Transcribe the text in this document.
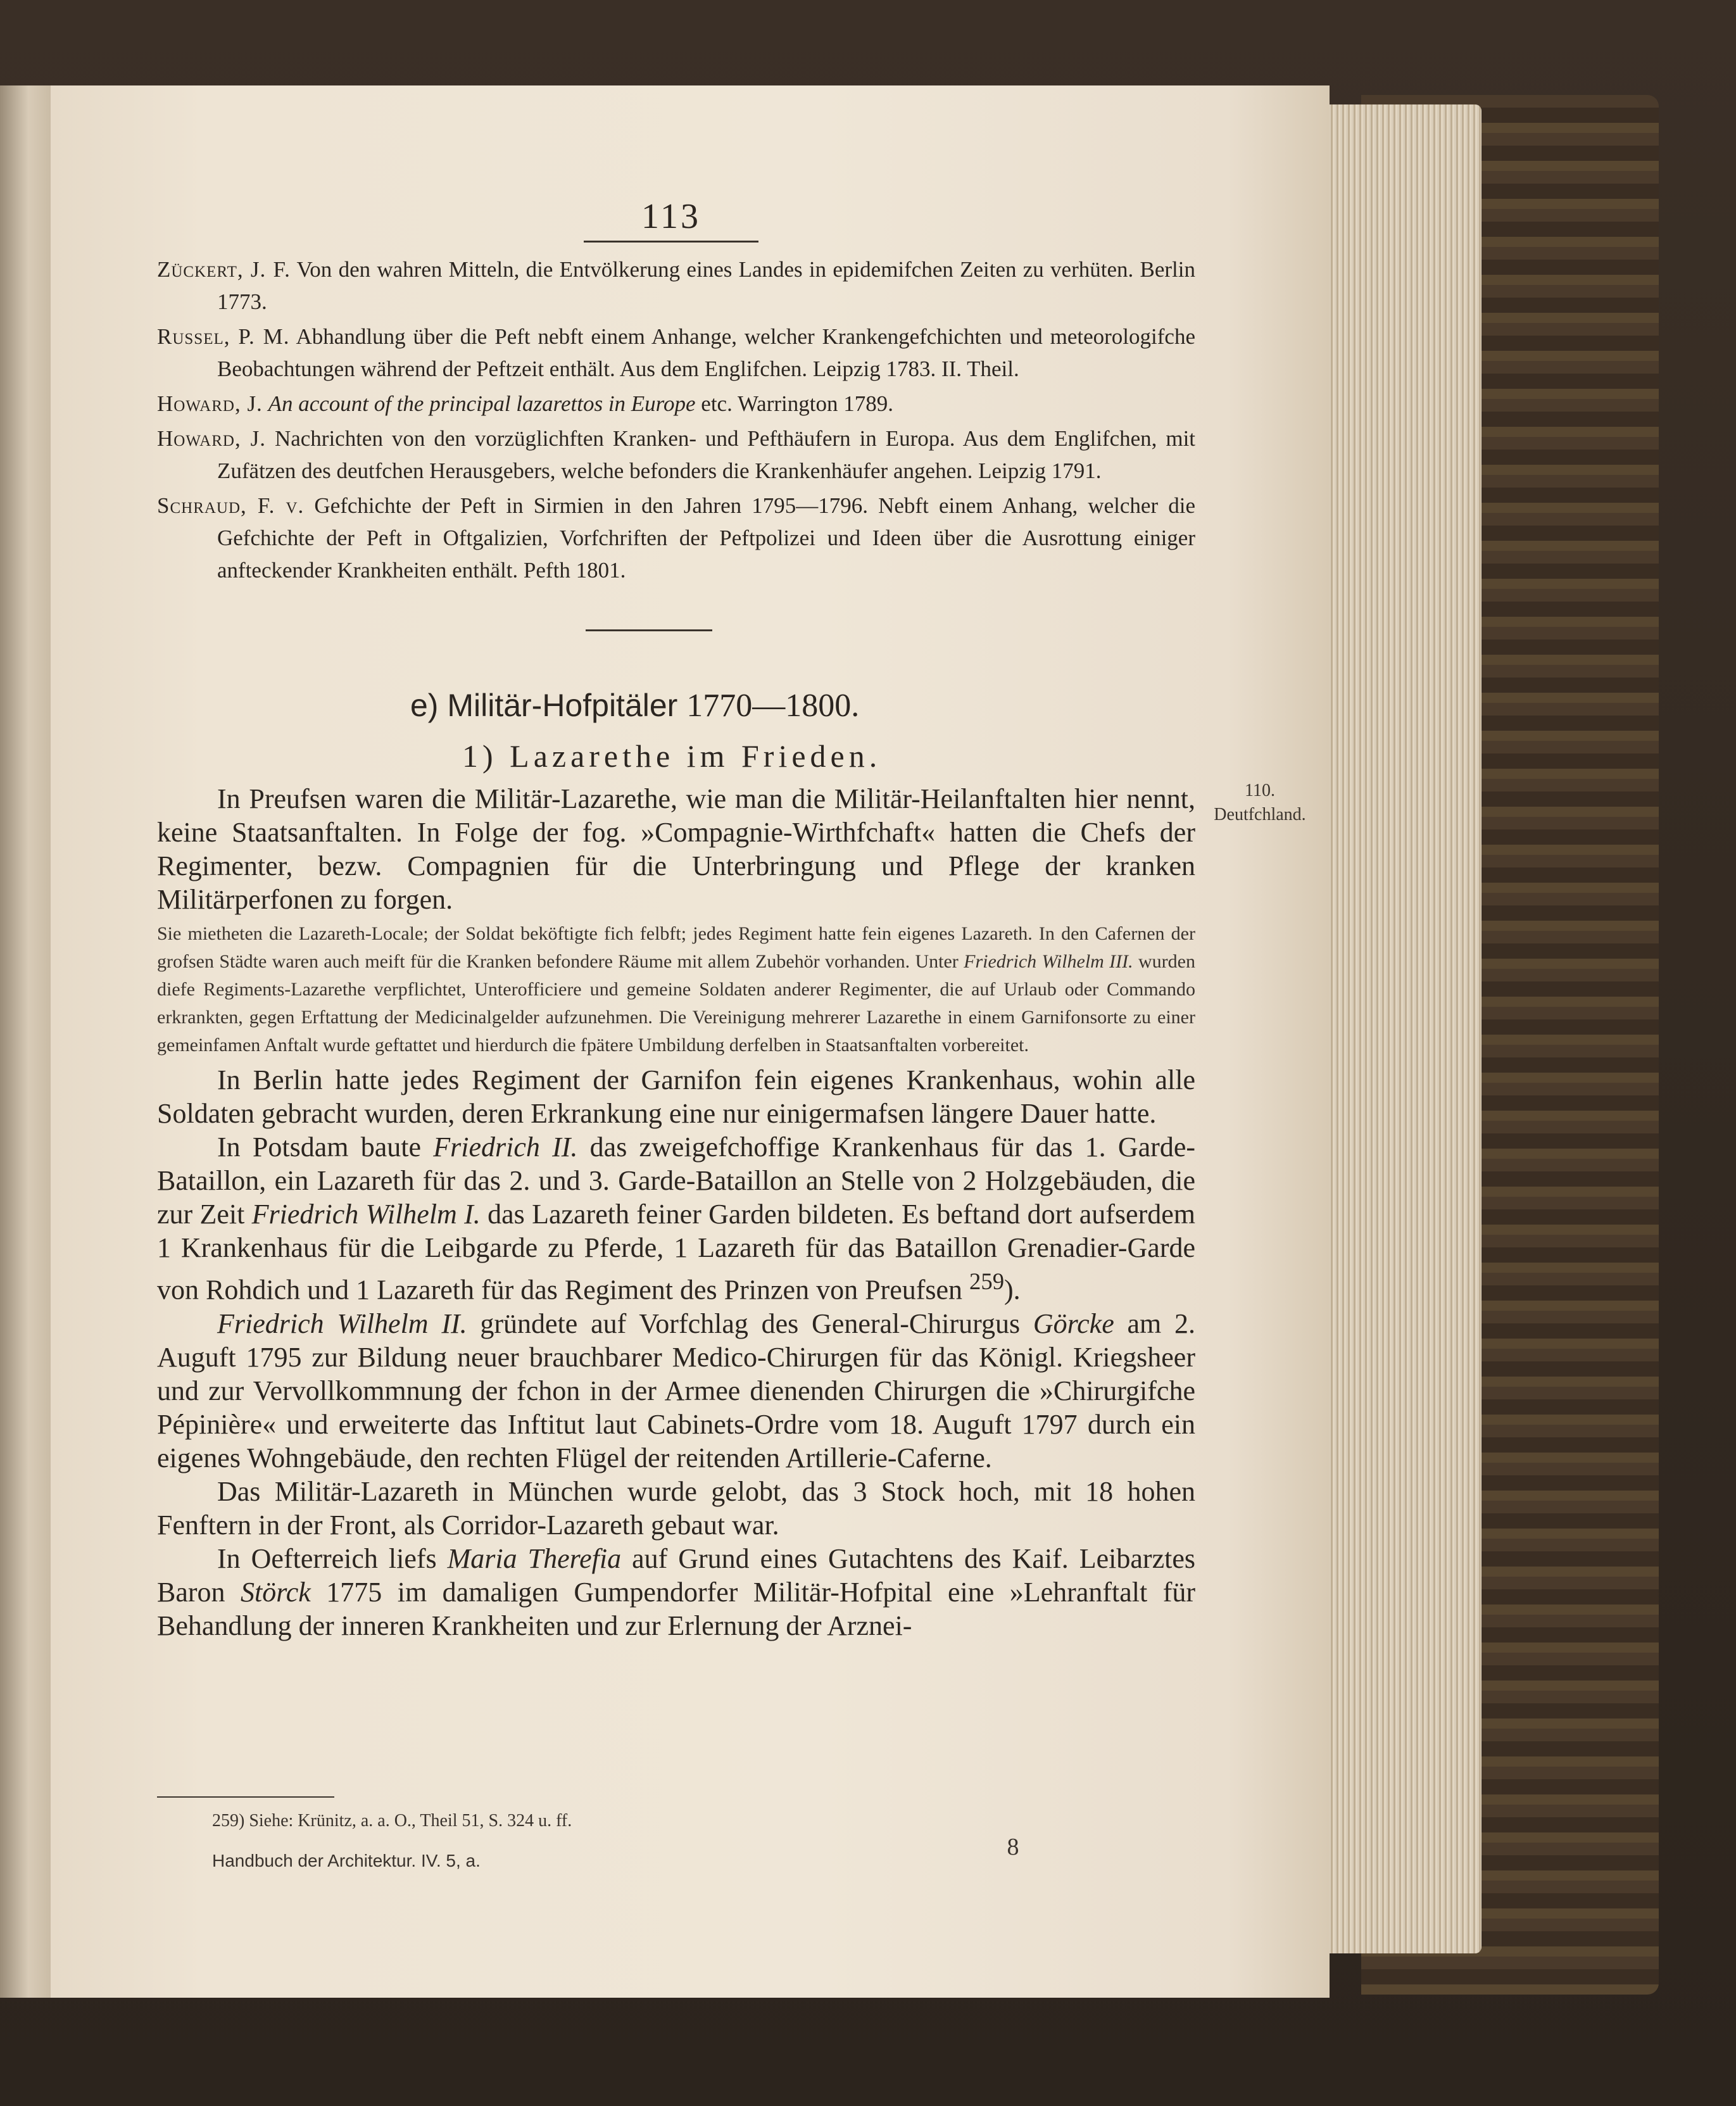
113

Zückert, J. F. Von den wahren Mitteln, die Entvölkerung eines Landes in epidemifchen Zeiten zu verhüten. Berlin 1773.

Russel, P. M. Abhandlung über die Peft nebft einem Anhange, welcher Krankengefchichten und meteorologifche Beobachtungen während der Peftzeit enthält. Aus dem Englifchen. Leipzig 1783. II. Theil.

Howard, J. An account of the principal lazarettos in Europe etc. Warrington 1789.

Howard, J. Nachrichten von den vorzüglichften Kranken- und Pefthäufern in Europa. Aus dem Englifchen, mit Zufätzen des deutfchen Herausgebers, welche befonders die Krankenhäufer angehen. Leipzig 1791.

Schraud, F. v. Gefchichte der Peft in Sirmien in den Jahren 1795—1796. Nebft einem Anhang, welcher die Gefchichte der Peft in Oftgalizien, Vorfchriften der Peftpolizei und Ideen über die Ausrottung einiger anfteckender Krankheiten enthält. Pefth 1801.

e) Militär-Hofpitäler 1770—1800.
1) Lazarethe im Frieden.
110.
Deutfchland.

In Preufsen waren die Militär-Lazarethe, wie man die Militär-Heilanftalten hier nennt, keine Staatsanftalten. In Folge der fog. »Compagnie-Wirthfchaft« hatten die Chefs der Regimenter, bezw. Compagnien für die Unterbringung und Pflege der kranken Militärperfonen zu forgen.

Sie mietheten die Lazareth-Locale; der Soldat beköftigte fich felbft; jedes Regiment hatte fein eigenes Lazareth. In den Cafernen der grofsen Städte waren auch meift für die Kranken befondere Räume mit allem Zubehör vorhanden. Unter Friedrich Wilhelm III. wurden diefe Regiments-Lazarethe verpflichtet, Unterofficiere und gemeine Soldaten anderer Regimenter, die auf Urlaub oder Commando erkrankten, gegen Erftattung der Medicinalgelder aufzunehmen. Die Vereinigung mehrerer Lazarethe in einem Garnifonsorte zu einer gemeinfamen Anftalt wurde geftattet und hierdurch die fpätere Umbildung derfelben in Staatsanftalten vorbereitet.

In Berlin hatte jedes Regiment der Garnifon fein eigenes Krankenhaus, wohin alle Soldaten gebracht wurden, deren Erkrankung eine nur einigermafsen längere Dauer hatte.

In Potsdam baute Friedrich II. das zweigefchoffige Krankenhaus für das 1. Garde-Bataillon, ein Lazareth für das 2. und 3. Garde-Bataillon an Stelle von 2 Holzgebäuden, die zur Zeit Friedrich Wilhelm I. das Lazareth feiner Garden bildeten. Es beftand dort aufserdem 1 Krankenhaus für die Leibgarde zu Pferde, 1 Lazareth für das Bataillon Grenadier-Garde von Rohdich und 1 Lazareth für das Regiment des Prinzen von Preufsen $^{259}$).

Friedrich Wilhelm II. gründete auf Vorfchlag des General-Chirurgus Görcke am 2. Auguft 1795 zur Bildung neuer brauchbarer Medico-Chirurgen für das Königl. Kriegsheer und zur Vervollkommnung der fchon in der Armee dienenden Chirurgen die »Chirurgifche Pépinière« und erweiterte das Inftitut laut Cabinets-Ordre vom 18. Auguft 1797 durch ein eigenes Wohngebäude, den rechten Flügel der reitenden Artillerie-Caferne.

Das Militär-Lazareth in München wurde gelobt, das 3 Stock hoch, mit 18 hohen Fenftern in der Front, als Corridor-Lazareth gebaut war.

In Oefterreich liefs Maria Therefia auf Grund eines Gutachtens des Kaif. Leibarztes Baron Störck 1775 im damaligen Gumpendorfer Militär-Hofpital eine »Lehranftalt für Behandlung der inneren Krankheiten und zur Erlernung der Arznei-

259) Siehe: Krünitz, a. a. O., Theil 51, S. 324 u. ff.
Handbuch der Architektur. IV. 5, a.
8
